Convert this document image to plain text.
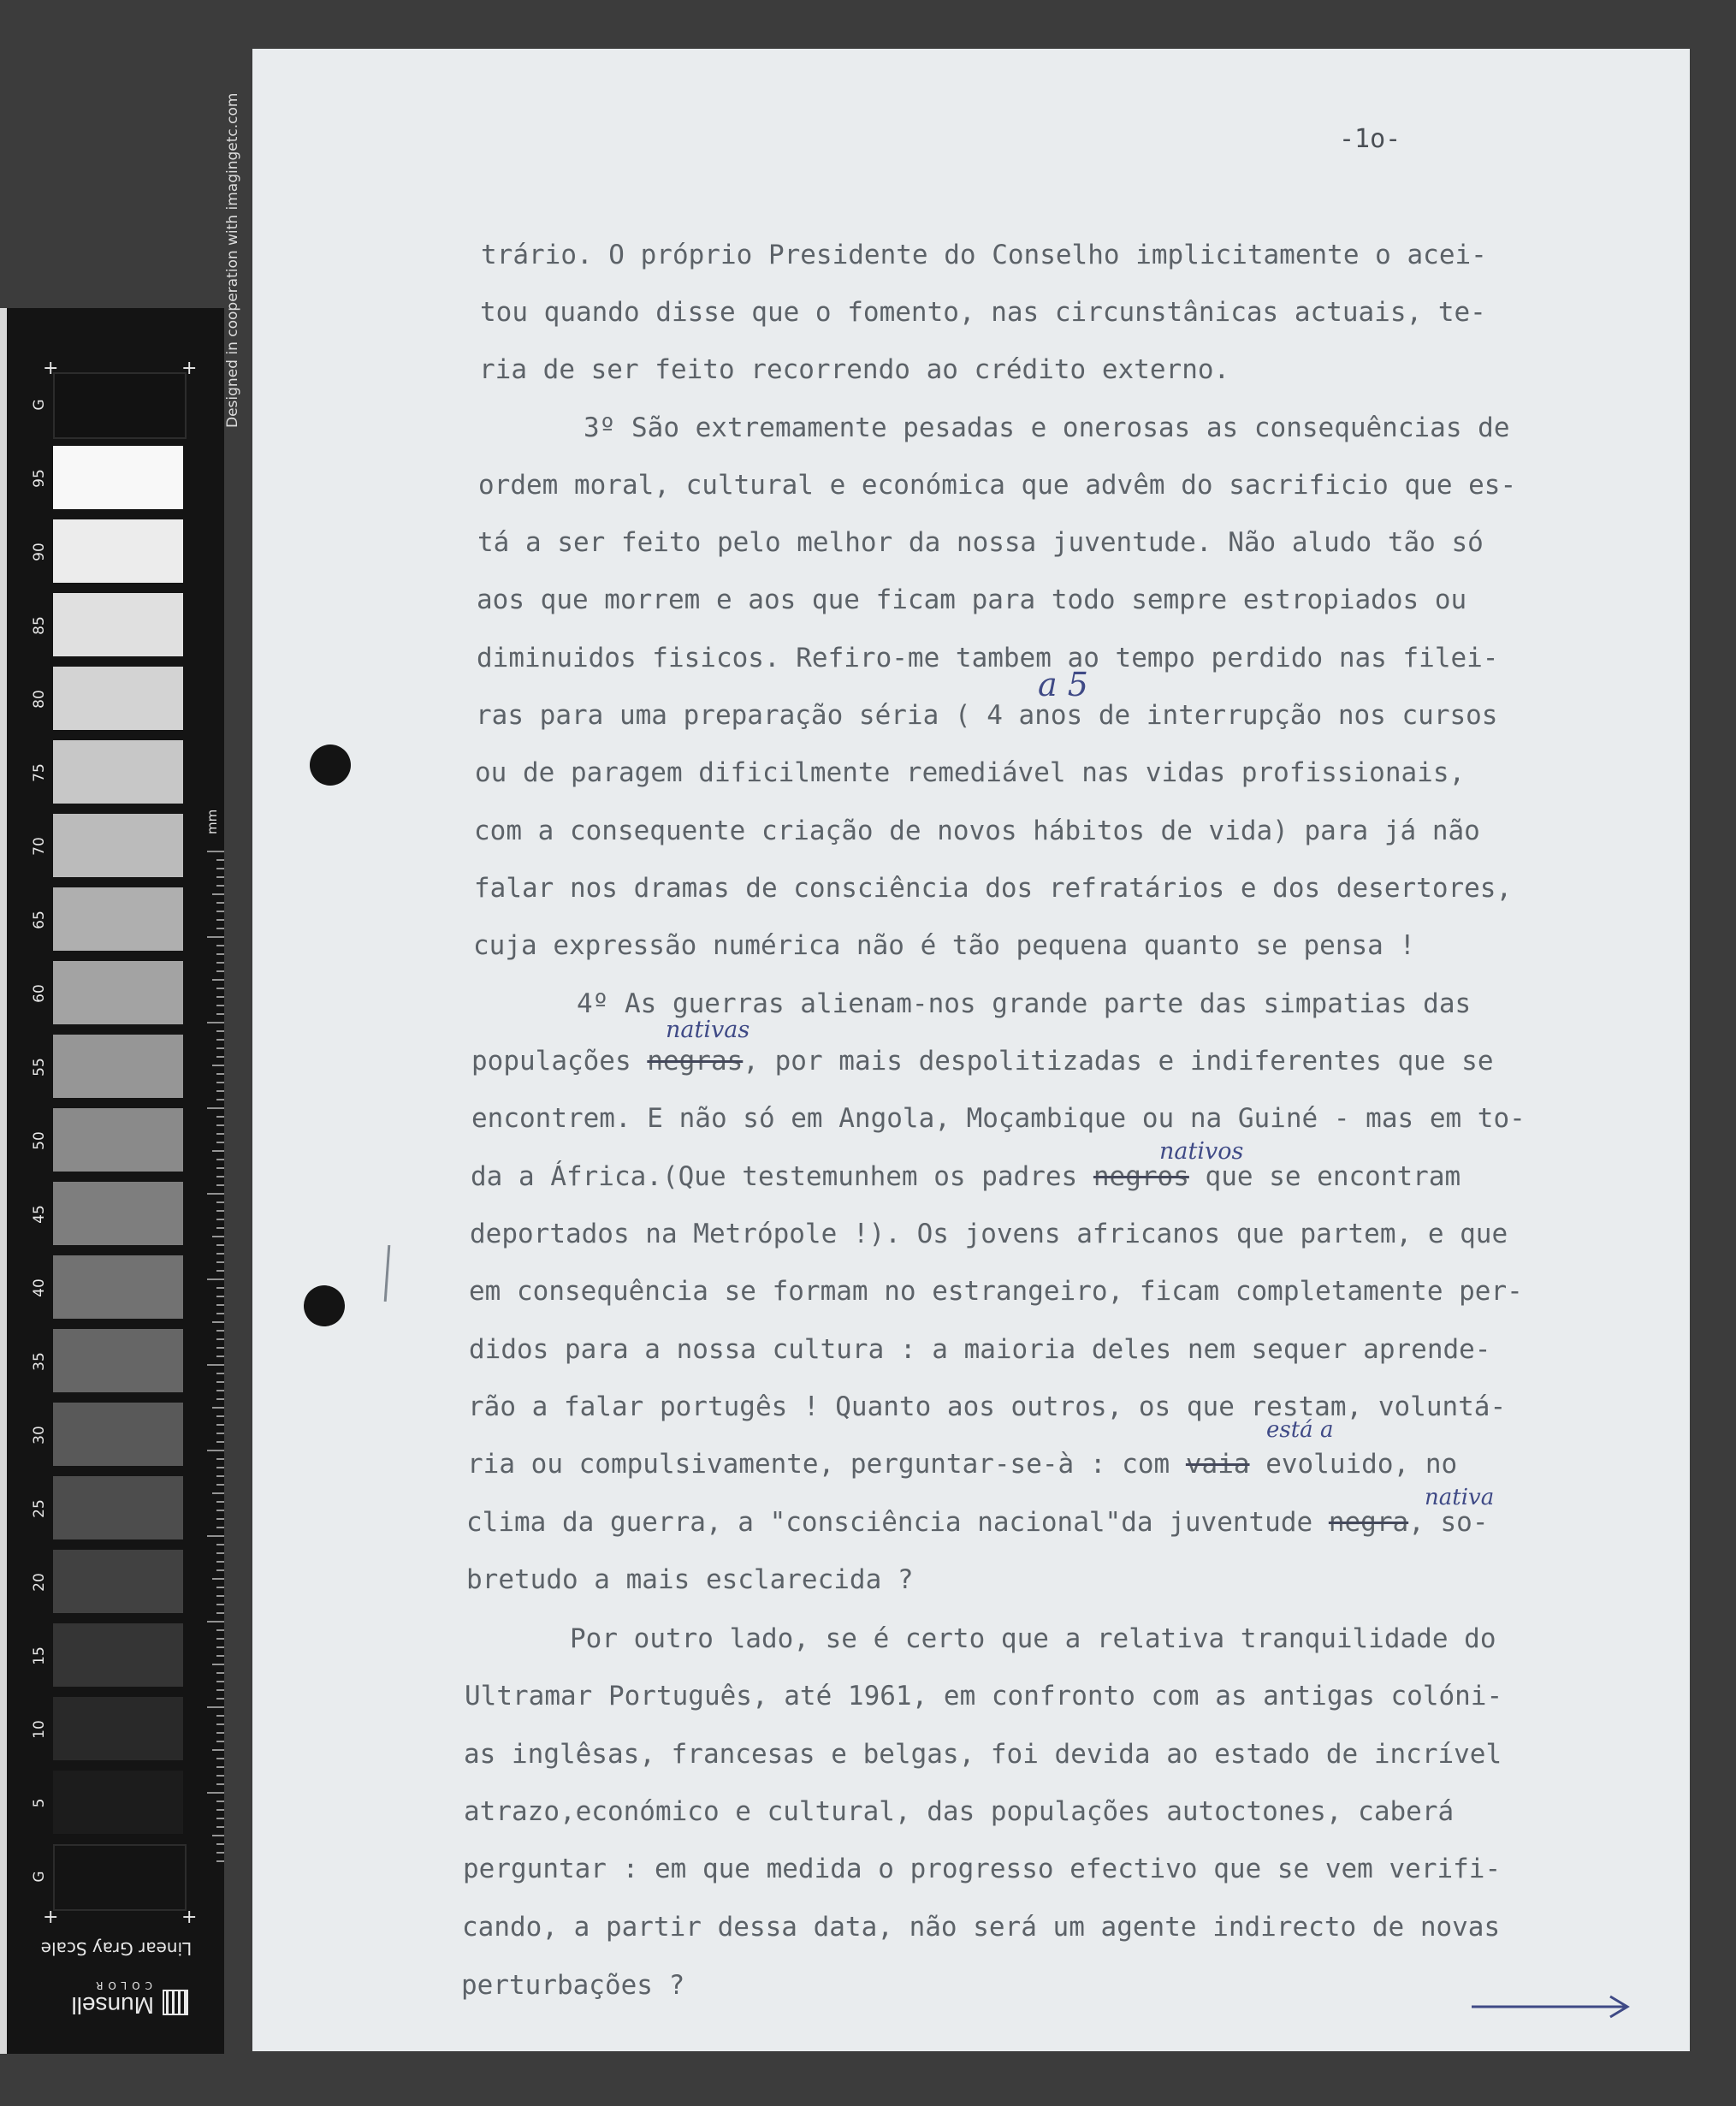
G
95
90
85
80
75
70
65
60
55
50
45
40
35
30
25
20
15
10
5
G
+	+
+	+
Designed in cooperation with imagingetc.com
mm
Linear Gray Scale
Munsell
COLOR
-1o-
trário. O próprio Presidente do Conselho implicitamente o acei-
tou quando disse que o fomento, nas circunstânicas actuais, te-
ria de ser feito recorrendo ao crédito externo.
3º São extremamente pesadas e onerosas as consequências de
ordem moral, cultural e económica que advêm do sacrificio que es-
tá a ser feito pelo melhor da nossa juventude. Não aludo tão só
aos que morrem e aos que ficam para todo sempre estropiados ou
diminuidos fisicos. Refiro-me tambem ao tempo perdido nas filei-
ras para uma preparação séria ( 4 anos de interrupção nos cursos
ou de paragem dificilmente remediável nas vidas profissionais,
com a consequente criação de novos hábitos de vida) para já não
falar nos dramas de consciência dos refratários e dos desertores,
cuja expressão numérica não é tão pequena quanto se pensa !
4º As guerras alienam-nos grande parte das simpatias das
populações negras, por mais despolitizadas e indiferentes que se
encontrem. E não só em Angola, Moçambique ou na Guiné - mas em to-
da a África.(Que testemunhem os padres negros que se encontram
deportados na Metrópole !). Os jovens africanos que partem, e que
em consequência se formam no estrangeiro, ficam completamente per-
didos para a nossa cultura : a maioria deles nem sequer aprende-
rão a falar portugês ! Quanto aos outros, os que restam, voluntá-
ria ou compulsivamente, perguntar-se-à : com vaia evoluido, no
clima da guerra, a "consciência nacional"da juventude negra, so-
bretudo a mais esclarecida ?
Por outro lado, se é certo que a relativa tranquilidade do
Ultramar Português, até 1961, em confronto com as antigas colóni-
as inglêsas, francesas e belgas, foi devida ao estado de incrível
atrazo,económico e cultural, das populações autoctones, caberá
perguntar : em que medida o progresso efectivo que se vem verifi-
cando, a partir dessa data, não será um agente indirecto de novas
perturbações ?
a 5
nativas
nativos
está a
nativa
